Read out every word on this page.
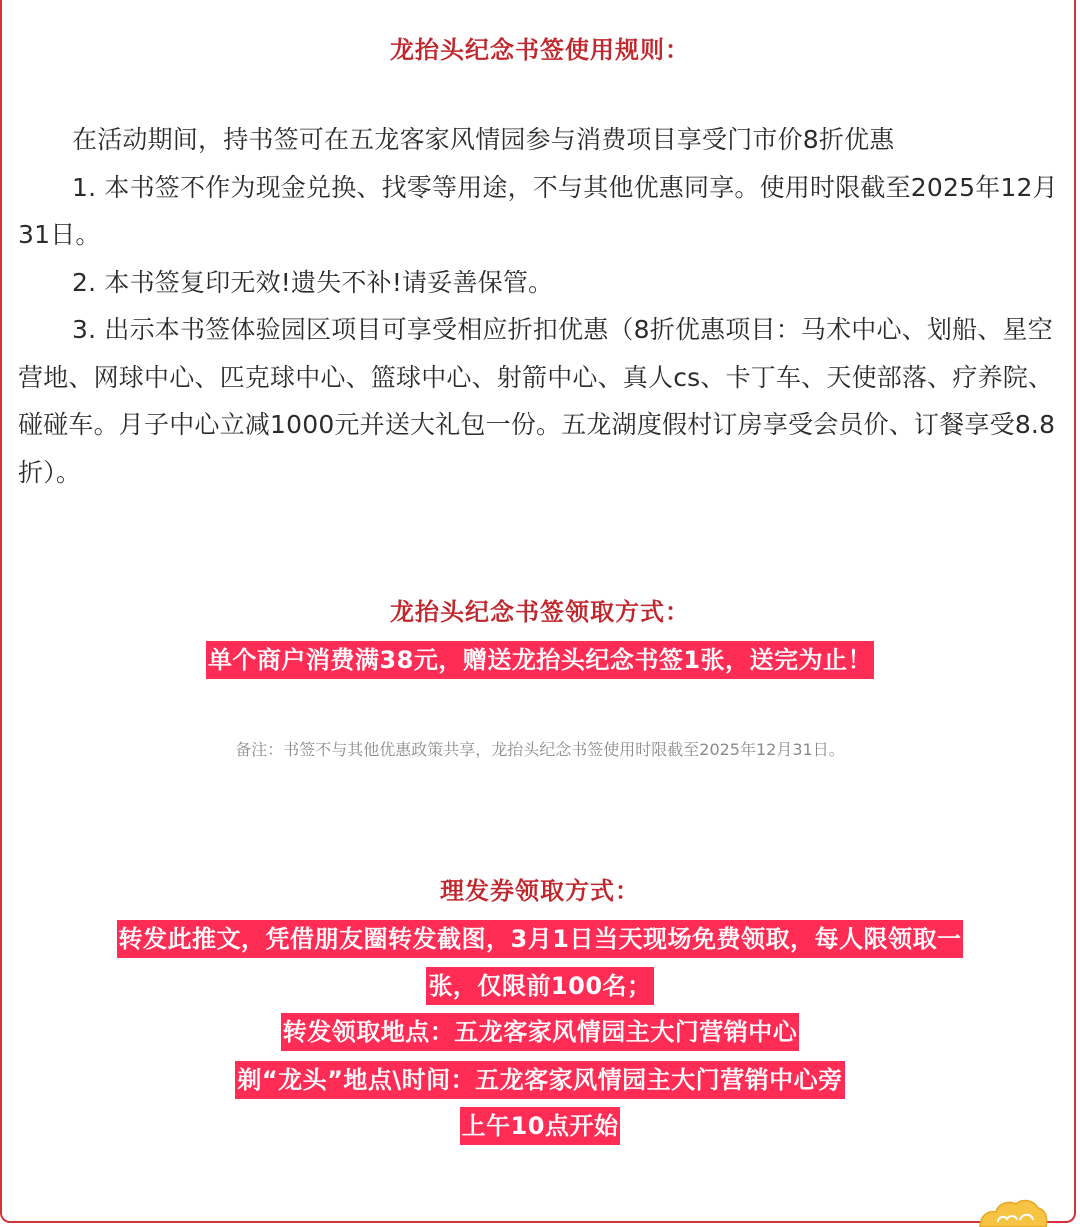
龙抬头纪念书签使用规则：

在活动期间，持书签可在五龙客家风情园参与消费项目享受门市价8折优惠

1. 本书签不作为现金兑换、找零等用途，不与其他优惠同享。使用时限截至2025年12月31日。

2. 本书签复印无效!遗失不补!请妥善保管。

3. 出示本书签体验园区项目可享受相应折扣优惠（8折优惠项目：马术中心、划船、星空营地、网球中心、匹克球中心、篮球中心、射箭中心、真人cs、卡丁车、天使部落、疗养院、碰碰车。月子中心立减1000元并送大礼包一份。五龙湖度假村订房享受会员价、订餐享受8.8折）。

龙抬头纪念书签领取方式：
单个商户消费满38元，赠送龙抬头纪念书签1张，送完为止！
备注：书签不与其他优惠政策共享，龙抬头纪念书签使用时限截至2025年12月31日。
理发券领取方式：
转发此推文，凭借朋友圈转发截图，3月1日当天现场免费领取，每人限领取一
张，仅限前100名；
转发领取地点：五龙客家风情园主大门营销中心
剃“龙头”地点\时间：五龙客家风情园主大门营销中心旁
上午10点开始
